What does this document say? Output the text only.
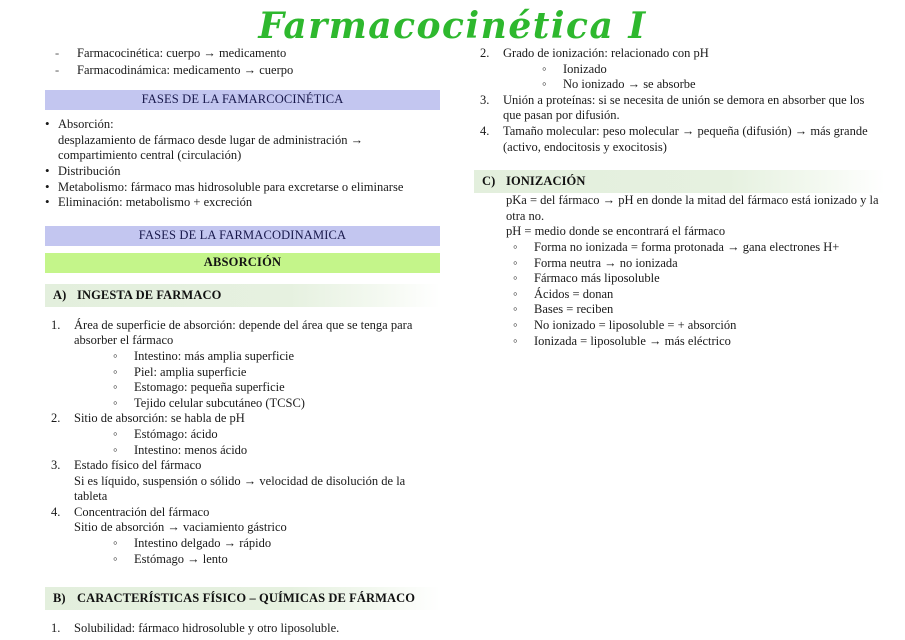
Farmacocinética I
- Farmacocinética: cuerpo → medicamento
- Farmacodinámica: medicamento → cuerpo
FASES DE LA FAMARCOCINÉTICA
• Absorción:
desplazamiento de fármaco desde lugar de administración → compartimiento central (circulación)
• Distribución
• Metabolismo: fármaco mas hidrosoluble para excretarse o eliminarse
• Eliminación: metabolismo + excreción
FASES DE LA FARMACODINAMICA
ABSORCIÓN
A) INGESTA DE FARMACO
Área de superficie de absorción: depende del área que se tenga para absorber el fármaco
◦ Intestino: más amplia superficie
◦ Piel: amplia superficie
◦ Estomago: pequeña superficie
◦ Tejido celular subcutáneo (TCSC)
Sitio de absorción: se habla de pH
◦ Estómago: ácido
◦ Intestino: menos ácido
Estado físico del fármaco
Si es líquido, suspensión o sólido → velocidad de disolución de la tableta
Concentración del fármaco
Sitio de absorción → vaciamiento gástrico
◦ Intestino delgado → rápido
◦ Estómago → lento
B) CARACTERÍSTICAS FÍSICO – QUÍMICAS DE FÁRMACO
Solubilidad: fármaco hidrosoluble y otro liposoluble.
Grado de ionización: relacionado con pH
◦ Ionizado
◦ No ionizado → se absorbe
Unión a proteínas: si se necesita de unión se demora en absorber que los que pasan por difusión.
Tamaño molecular: peso molecular → pequeña (difusión) → más grande (activo, endocitosis y exocitosis)
C) IONIZACIÓN
pKa = del fármaco → pH en donde la mitad del fármaco está ionizado y la otra no.
pH = medio donde se encontrará el fármaco
◦ Forma no ionizada = forma protonada → gana electrones H+
◦ Forma neutra → no ionizada
◦ Fármaco más liposoluble
◦ Ácidos = donan
◦ Bases = reciben
◦ No ionizado = liposoluble = + absorción
◦ Ionizada = liposoluble → más eléctrico
